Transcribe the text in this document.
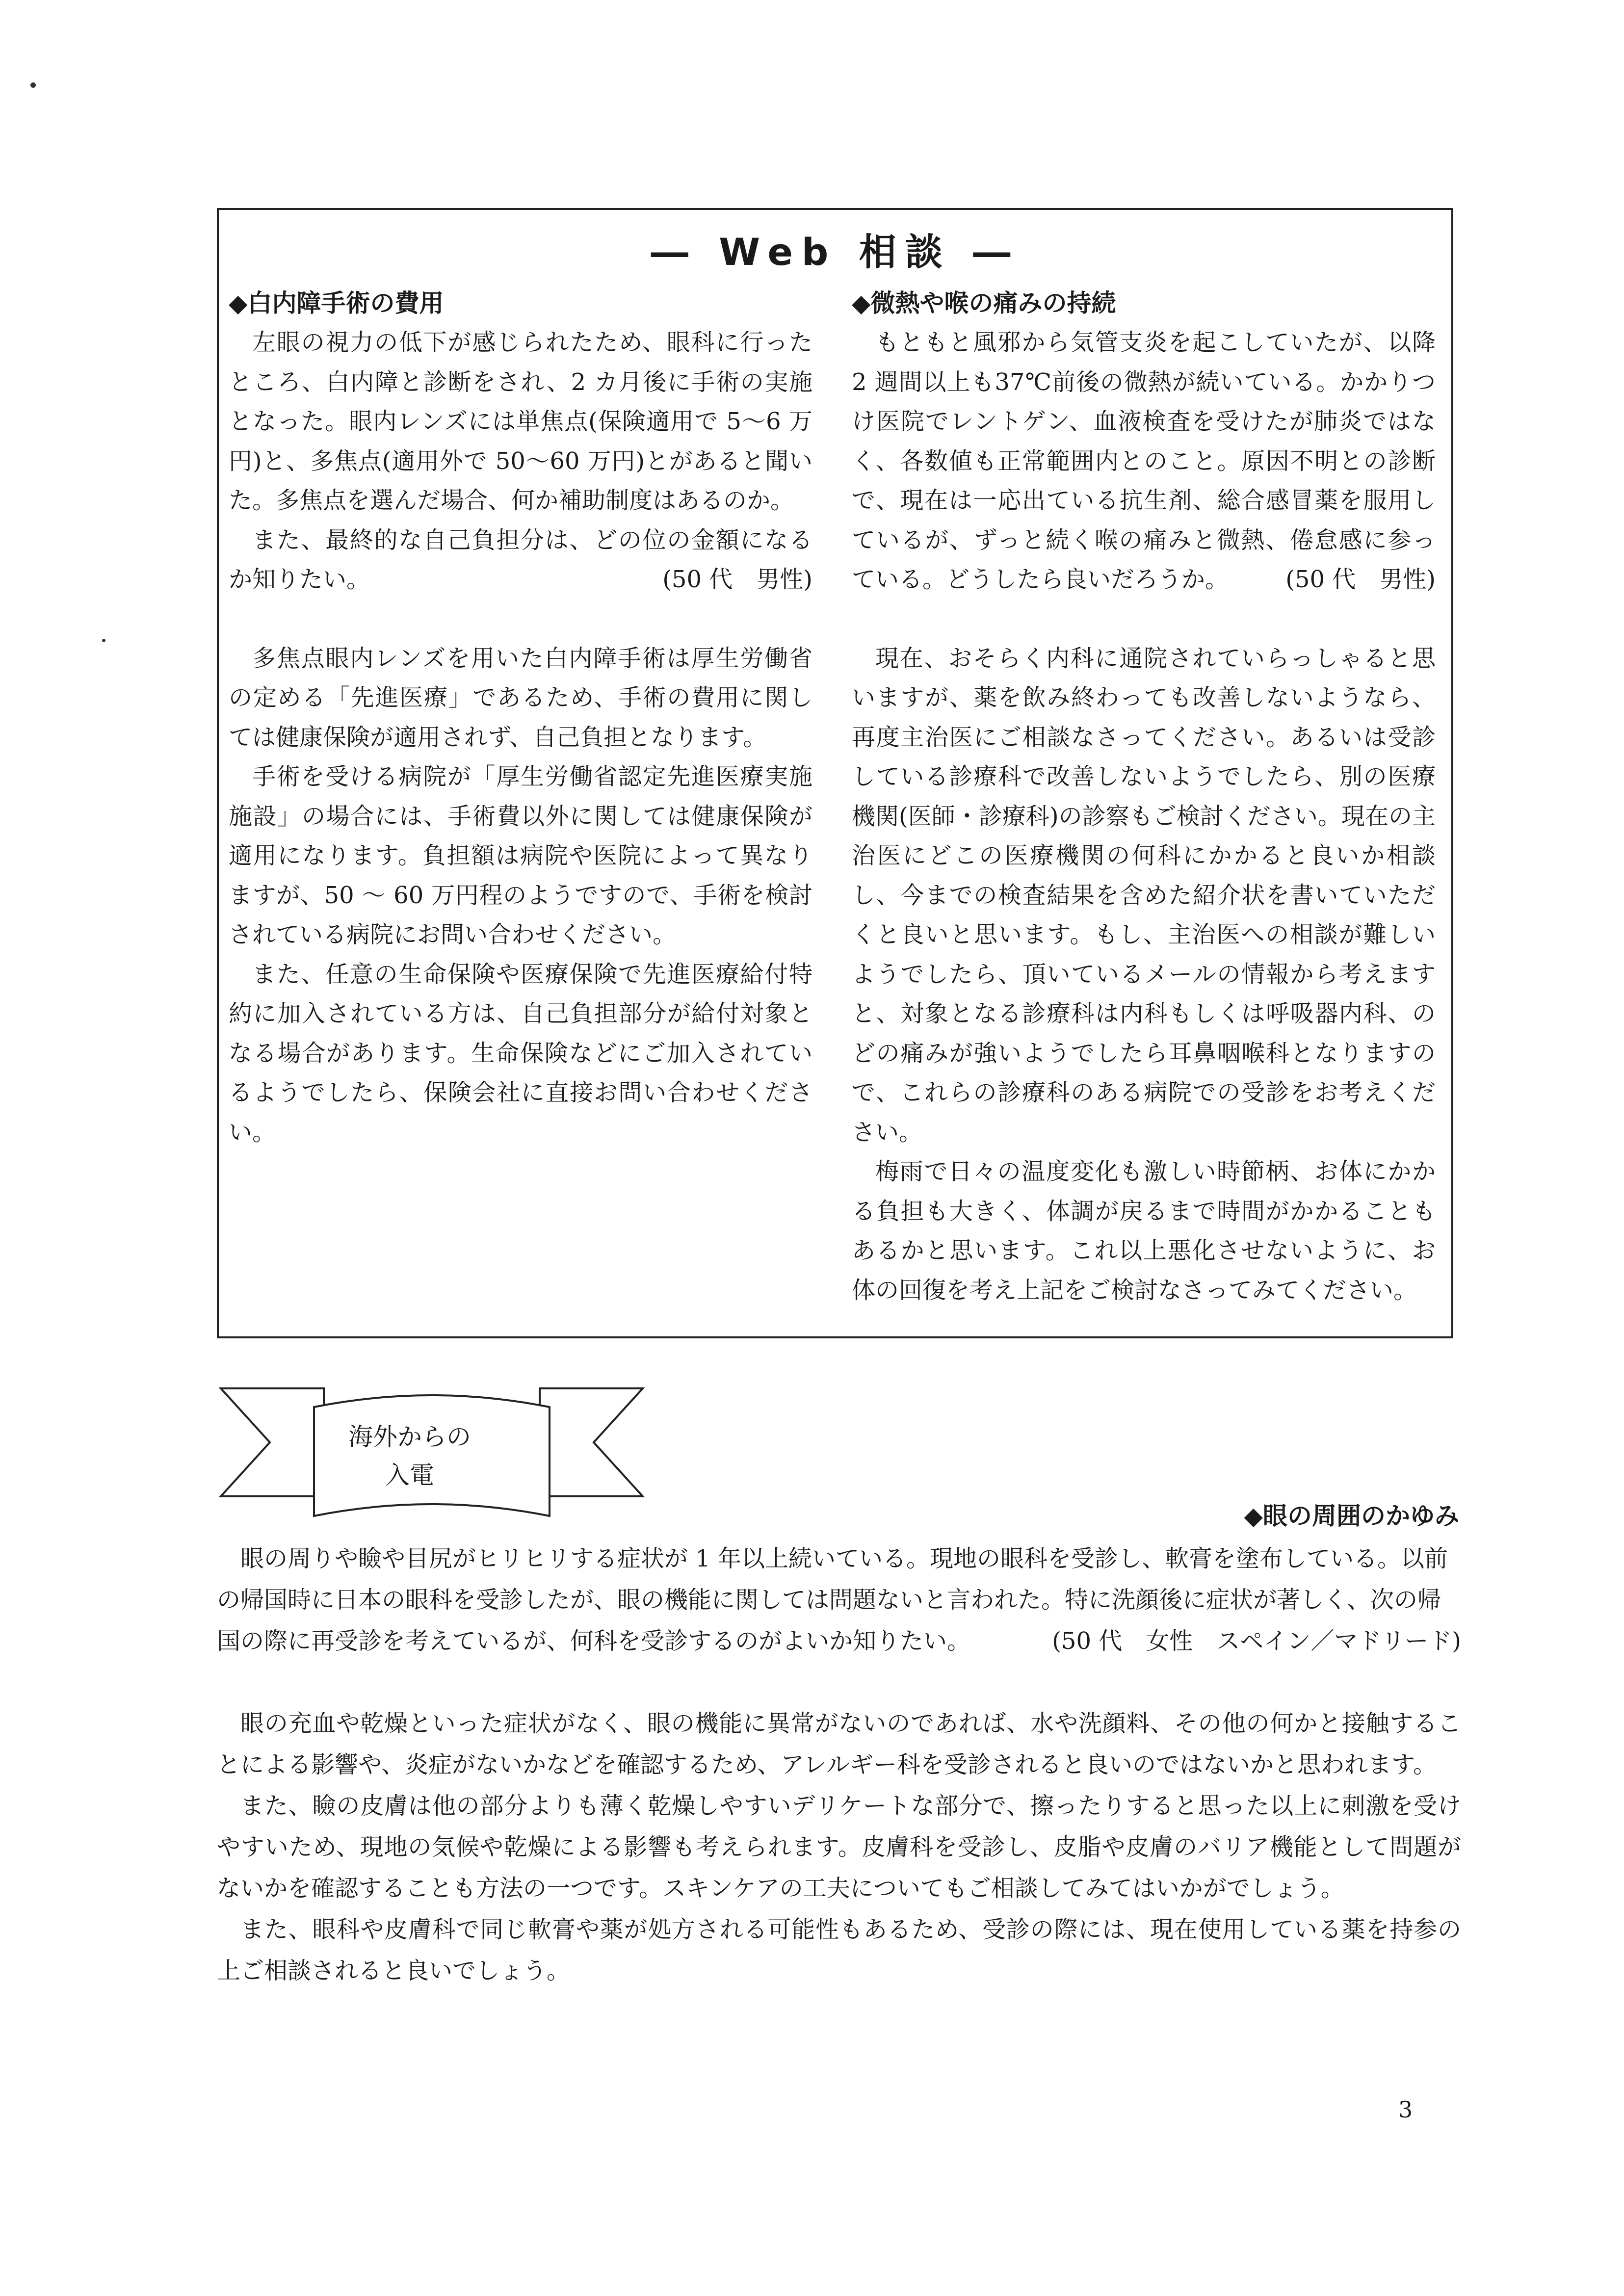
― Web 相談 ―

◆白内障手術の費用

左眼の視力の低下が感じられたため、眼科に行ったところ、白内障と診断をされ、2 カ月後に手術の実施となった。眼内レンズには単焦点(保険適用で 5～6 万円)と、多焦点(適用外で 50～60 万円)とがあると聞いた。多焦点を選んだ場合、何か補助制度はあるのか。

また、最終的な自己負担分は、どの位の金額になるか知りたい。	(50 代　男性)

多焦点眼内レンズを用いた白内障手術は厚生労働省の定める「先進医療」であるため、手術の費用に関しては健康保険が適用されず、自己負担となります。

手術を受ける病院が「厚生労働省認定先進医療実施施設」の場合には、手術費以外に関しては健康保険が適用になります。負担額は病院や医院によって異なりますが、50 ～ 60 万円程のようですので、手術を検討されている病院にお問い合わせください。

また、任意の生命保険や医療保険で先進医療給付特約に加入されている方は、自己負担部分が給付対象となる場合があります。生命保険などにご加入されているようでしたら、保険会社に直接お問い合わせください。

◆微熱や喉の痛みの持続

もともと風邪から気管支炎を起こしていたが、以降 2 週間以上も37℃前後の微熱が続いている。かかりつけ医院でレントゲン、血液検査を受けたが肺炎ではなく、各数値も正常範囲内とのこと。原因不明との診断で、現在は一応出ている抗生剤、総合感冒薬を服用しているが、ずっと続く喉の痛みと微熱、倦怠感に参っている。どうしたら良いだろうか。	(50 代　男性)

現在、おそらく内科に通院されていらっしゃると思いますが、薬を飲み終わっても改善しないようなら、再度主治医にご相談なさってください。あるいは受診している診療科で改善しないようでしたら、別の医療機関(医師・診療科)の診察もご検討ください。現在の主治医にどこの医療機関の何科にかかると良いか相談し、今までの検査結果を含めた紹介状を書いていただくと良いと思います。もし、主治医への相談が難しいようでしたら、頂いているメールの情報から考えますと、対象となる診療科は内科もしくは呼吸器内科、のどの痛みが強いようでしたら耳鼻咽喉科となりますので、これらの診療科のある病院での受診をお考えください。

梅雨で日々の温度変化も激しい時節柄、お体にかかる負担も大きく、体調が戻るまで時間がかかることもあるかと思います。これ以上悪化させないように、お体の回復を考え上記をご検討なさってみてください。

海外からの
入電
◆眼の周囲のかゆみ

眼の周りや瞼や目尻がヒリヒリする症状が 1 年以上続いている。現地の眼科を受診し、軟膏を塗布している。以前の帰国時に日本の眼科を受診したが、眼の機能に関しては問題ないと言われた。特に洗顔後に症状が著しく、次の帰国の際に再受診を考えているが、何科を受診するのがよいか知りたい。	(50 代　女性　スペイン／マドリード)

眼の充血や乾燥といった症状がなく、眼の機能に異常がないのであれば、水や洗顔料、その他の何かと接触することによる影響や、炎症がないかなどを確認するため、アレルギー科を受診されると良いのではないかと思われます。

また、瞼の皮膚は他の部分よりも薄く乾燥しやすいデリケートな部分で、擦ったりすると思った以上に刺激を受けやすいため、現地の気候や乾燥による影響も考えられます。皮膚科を受診し、皮脂や皮膚のバリア機能として問題がないかを確認することも方法の一つです。スキンケアの工夫についてもご相談してみてはいかがでしょう。

また、眼科や皮膚科で同じ軟膏や薬が処方される可能性もあるため、受診の際には、現在使用している薬を持参の上ご相談されると良いでしょう。

3
